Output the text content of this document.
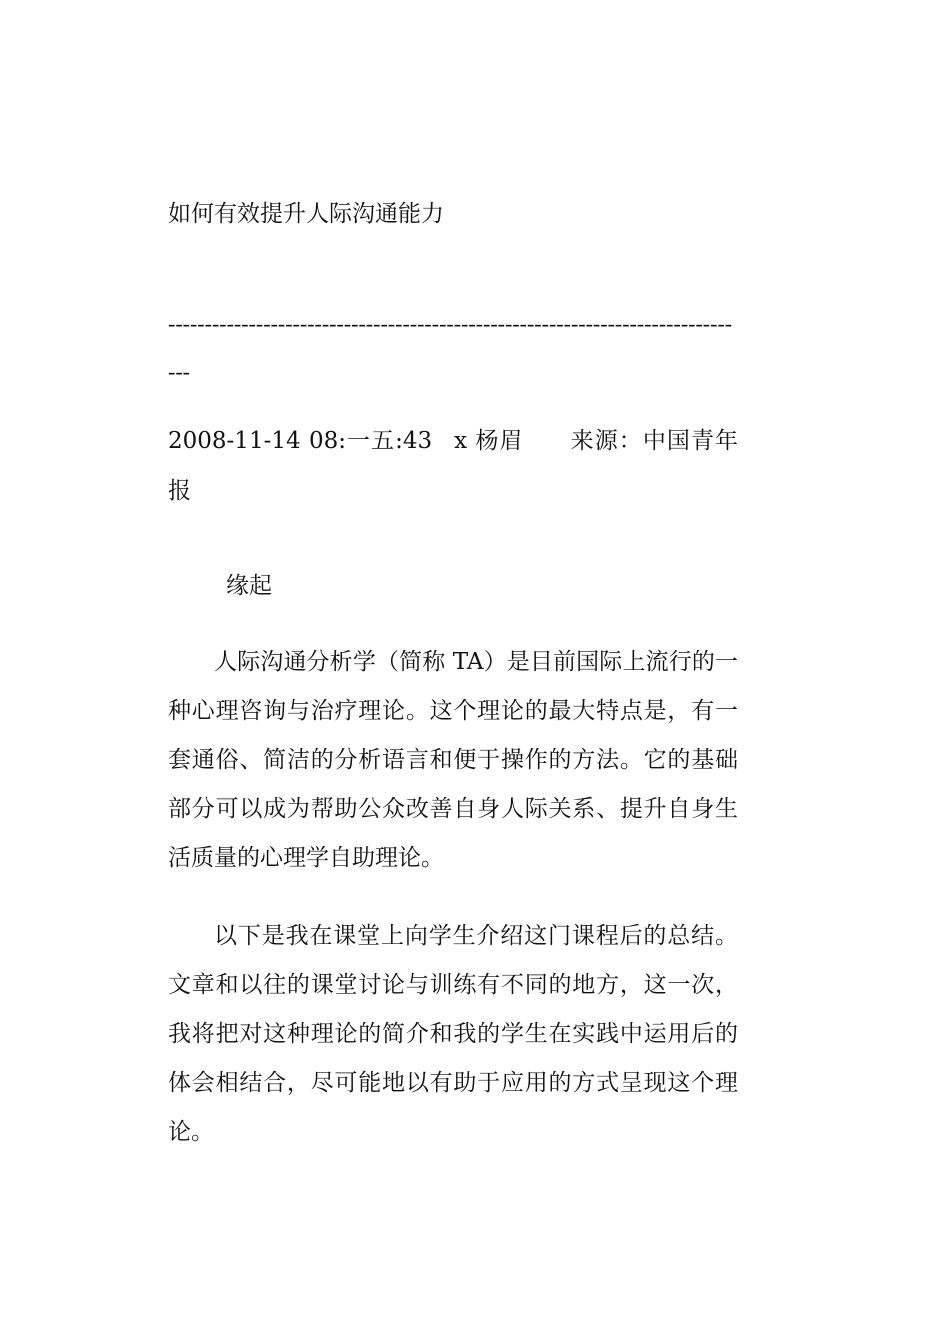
如何有效提升人际沟通能力
--------------------------------------------------------------------------------
2008-11-14 08:一五:43 x 杨眉 来源：中国青年报
缘起
人际沟通分析学（简称 TA）是目前国际上流行的一种心理咨询与治疗理论。这个理论的最大特点是，有一套通俗、简洁的分析语言和便于操作的方法。它的基础部分可以成为帮助公众改善自身人际关系、提升自身生活质量的心理学自助理论。
以下是我在课堂上向学生介绍这门课程后的总结。文章和以往的课堂讨论与训练有不同的地方，这一次，我将把对这种理论的简介和我的学生在实践中运用后的体会相结合，尽可能地以有助于应用的方式呈现这个理论。
